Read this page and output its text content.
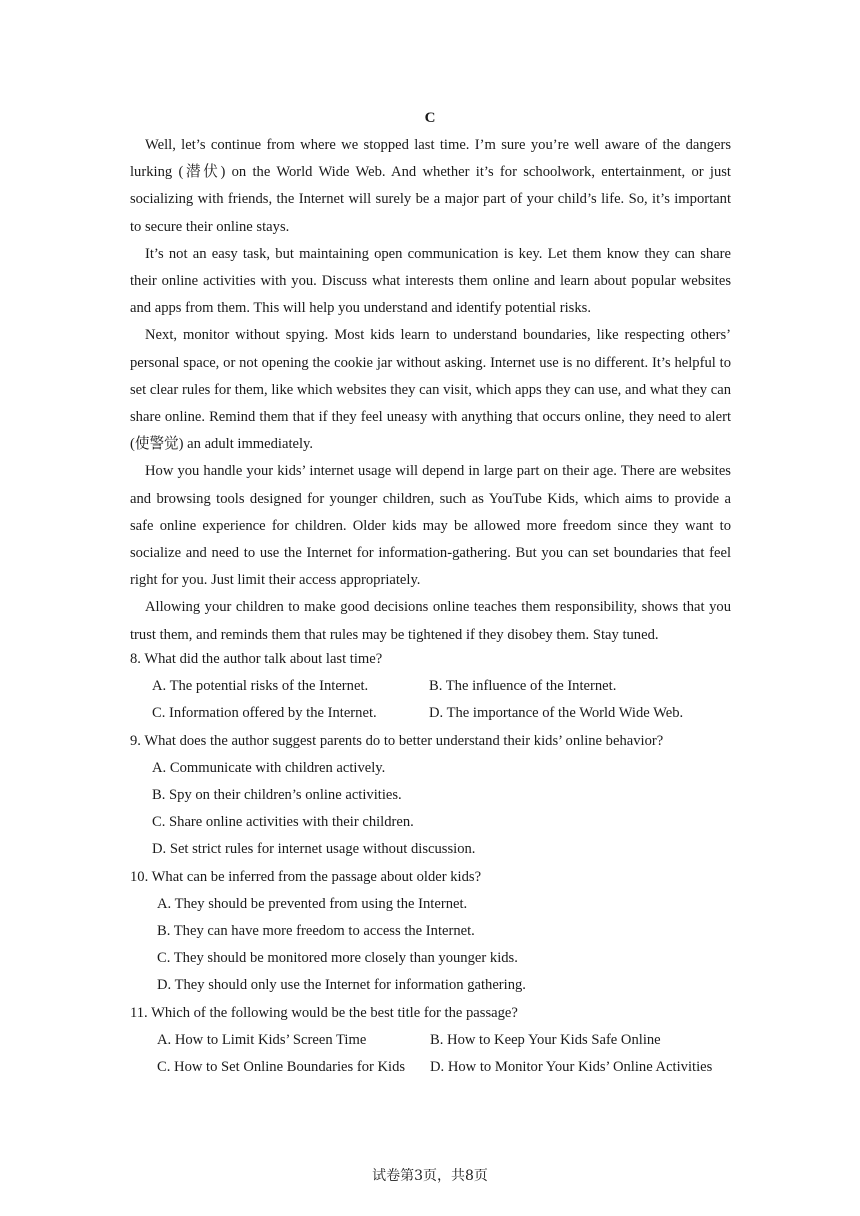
C

Well, let’s continue from where we stopped last time. I’m sure you’re well aware of the dangers lurking (潜伏) on the World Wide Web. And whether it’s for schoolwork, entertainment, or just socializing with friends, the Internet will surely be a major part of your child’s life. So, it’s important to secure their online stays.

It’s not an easy task, but maintaining open communication is key. Let them know they can share their online activities with you. Discuss what interests them online and learn about popular websites and apps from them. This will help you understand and identify potential risks.

Next, monitor without spying. Most kids learn to understand boundaries, like respecting others’ personal space, or not opening the cookie jar without asking. Internet use is no different. It’s helpful to set clear rules for them, like which websites they can visit, which apps they can use, and what they can share online. Remind them that if they feel uneasy with anything that occurs online, they need to alert (使警觉) an adult immediately.

How you handle your kids’ internet usage will depend in large part on their age. There are websites and browsing tools designed for younger children, such as YouTube Kids, which aims to provide a safe online experience for children. Older kids may be allowed more freedom since they want to socialize and need to use the Internet for information-gathering. But you can set boundaries that feel right for you. Just limit their access appropriately.

Allowing your children to make good decisions online teaches them responsibility, shows that you trust them, and reminds them that rules may be tightened if they disobey them. Stay tuned.

8. What did the author talk about last time?
A. The potential risks of the Internet.	B. The influence of the Internet.
C. Information offered by the Internet.	D. The importance of the World Wide Web.
9. What does the author suggest parents do to better understand their kids’ online behavior?
A. Communicate with children actively.
B. Spy on their children’s online activities.
C. Share online activities with their children.
D. Set strict rules for internet usage without discussion.
10. What can be inferred from the passage about older kids?
A. They should be prevented from using the Internet.
B. They can have more freedom to access the Internet.
C. They should be monitored more closely than younger kids.
D. They should only use the Internet for information gathering.
11. Which of the following would be the best title for the passage?
A. How to Limit Kids’ Screen Time	B. How to Keep Your Kids Safe Online
C. How to Set Online Boundaries for Kids	D. How to Monitor Your Kids’ Online Activities
试卷第3页，共8页
